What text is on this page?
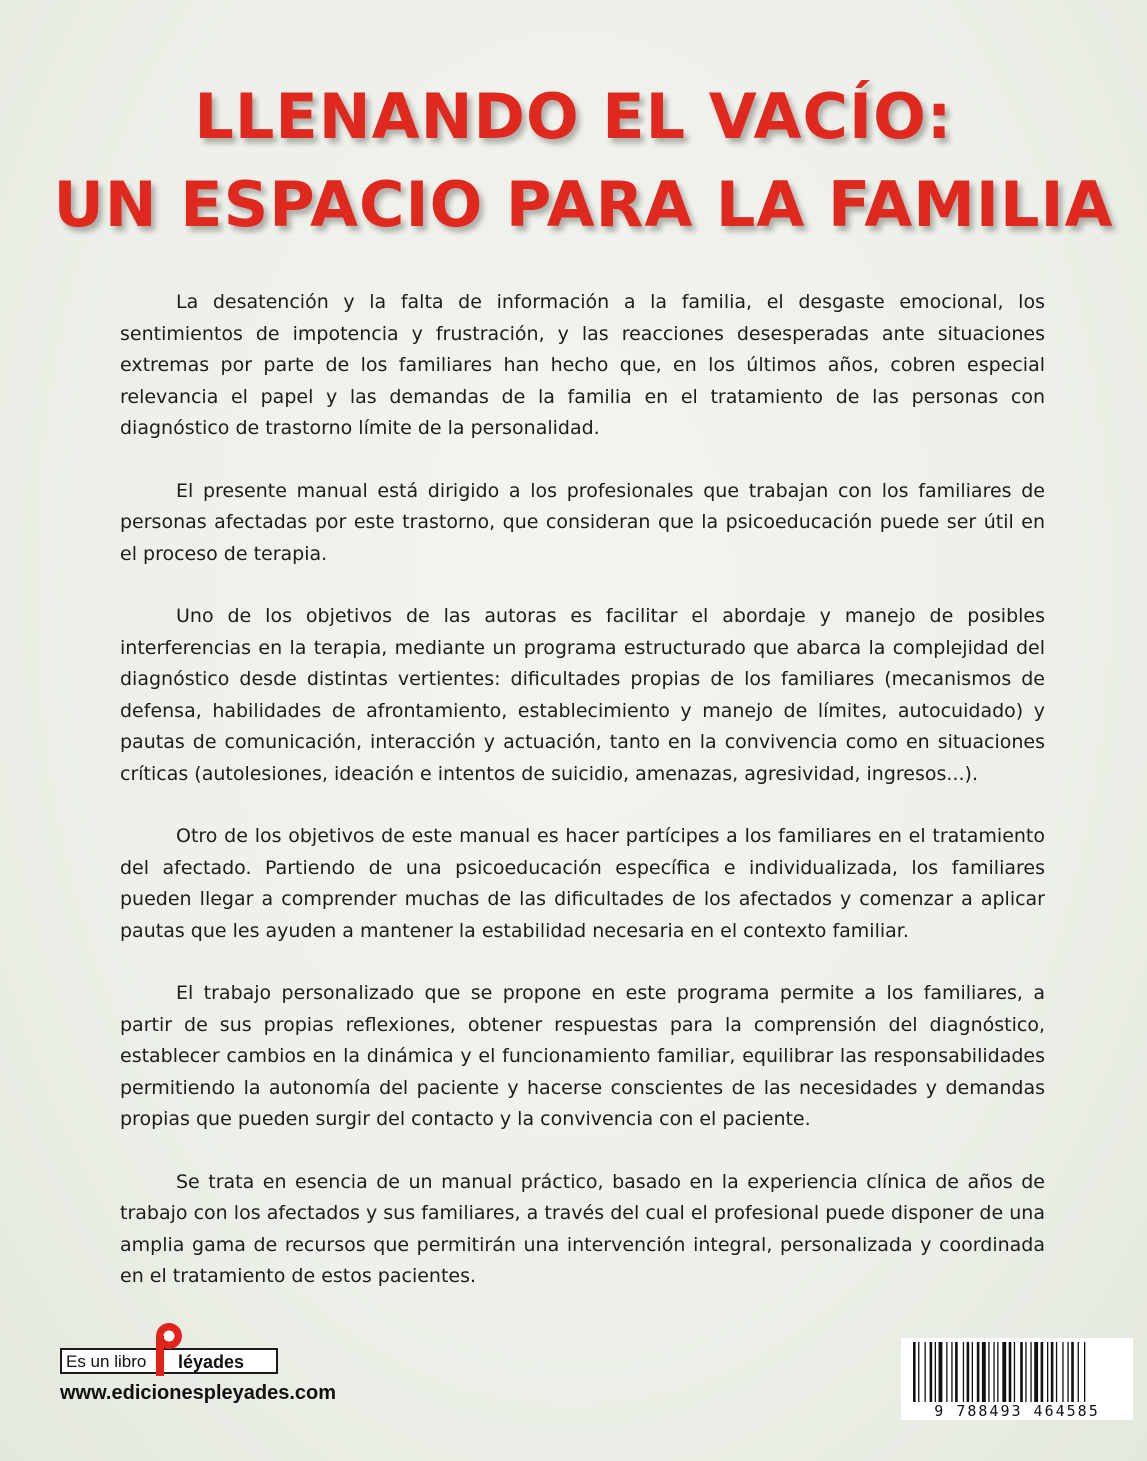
LLENANDO EL VACÍO:
UN ESPACIO PARA LA FAMILIA

La desatención y la falta de información a la familia, el desgaste emocional, los sentimientos de impotencia y frustración, y las reacciones desesperadas ante situaciones extremas por parte de los familiares han hecho que, en los últimos años, cobren especial relevancia el papel y las demandas de la familia en el tratamiento de las personas con diagnóstico de trastorno límite de la personalidad.

El presente manual está dirigido a los profesionales que trabajan con los familiares de personas afectadas por este trastorno, que consideran que la psicoeducación puede ser útil en el proceso de terapia.

Uno de los objetivos de las autoras es facilitar el abordaje y manejo de posibles interferencias en la terapia, mediante un programa estructurado que abarca la complejidad del diagnóstico desde distintas vertientes: dificultades propias de los familiares (mecanismos de defensa, habilidades de afrontamiento, establecimiento y manejo de límites, autocuidado) y pautas de comunicación, interacción y actuación, tanto en la convivencia como en situaciones críticas (autolesiones, ideación e intentos de suicidio, amenazas, agresividad, ingresos...).

Otro de los objetivos de este manual es hacer partícipes a los familiares en el tratamiento del afectado. Partiendo de una psicoeducación específica e individualizada, los familiares pueden llegar a comprender muchas de las dificultades de los afectados y comenzar a aplicar pautas que les ayuden a mantener la estabilidad necesaria en el contexto familiar.

El trabajo personalizado que se propone en este programa permite a los familiares, a partir de sus propias reflexiones, obtener respuestas para la comprensión del diagnóstico, establecer cambios en la dinámica y el funcionamiento familiar, equilibrar las responsabilidades permitiendo la autonomía del paciente y hacerse conscientes de las necesidades y demandas propias que pueden surgir del contacto y la convivencia con el paciente.

Se trata en esencia de un manual práctico, basado en la experiencia clínica de años de trabajo con los afectados y sus familiares, a través del cual el profesional puede disponer de una amplia gama de recursos que permitirán una intervención integral, personalizada y coordinada en el tratamiento de estos pacientes.

Es un libro léyades
www.edicionespleyades.com
9 788493 464585
